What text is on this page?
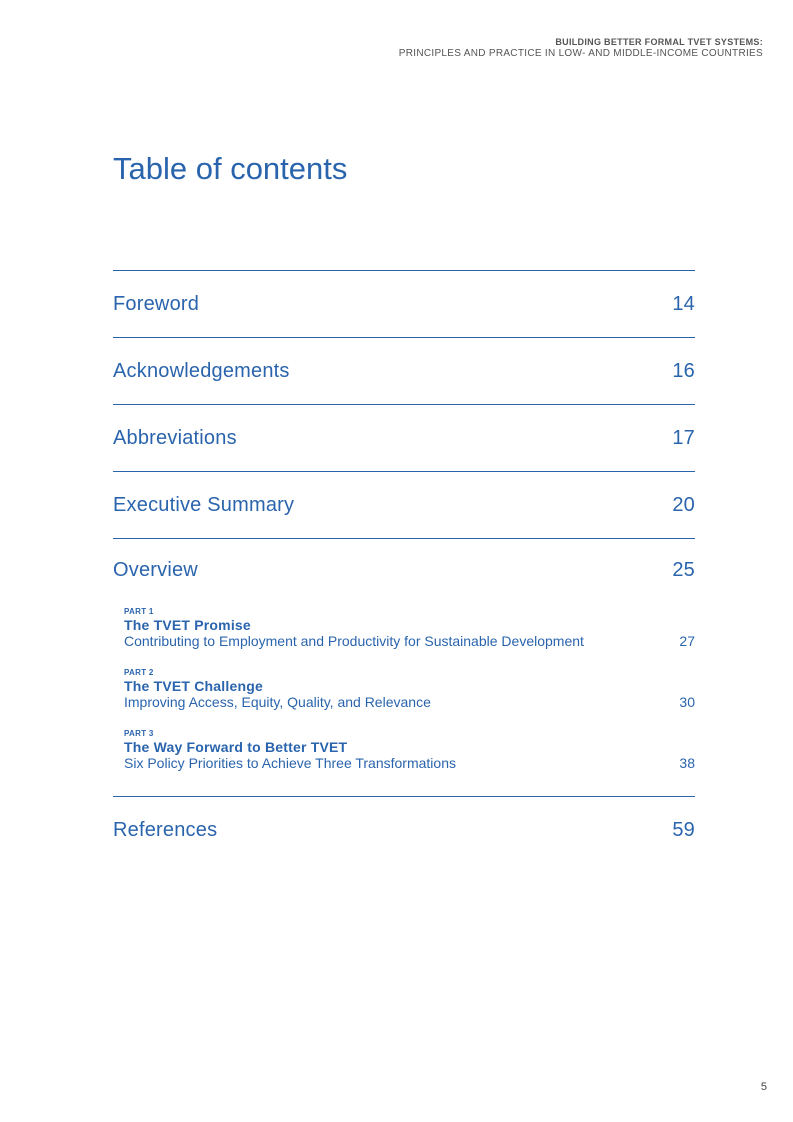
BUILDING BETTER FORMAL TVET SYSTEMS:
PRINCIPLES AND PRACTICE IN LOW- AND MIDDLE-INCOME COUNTRIES
Table of contents
Foreword	14
Acknowledgements	16
Abbreviations	17
Executive Summary	20
Overview	25
PART 1
The TVET Promise
Contributing to Employment and Productivity for Sustainable Development	27
PART 2
The TVET Challenge
Improving Access, Equity, Quality, and Relevance	30
PART 3
The Way Forward to Better TVET
Six Policy Priorities to Achieve Three Transformations	38
References	59
5
